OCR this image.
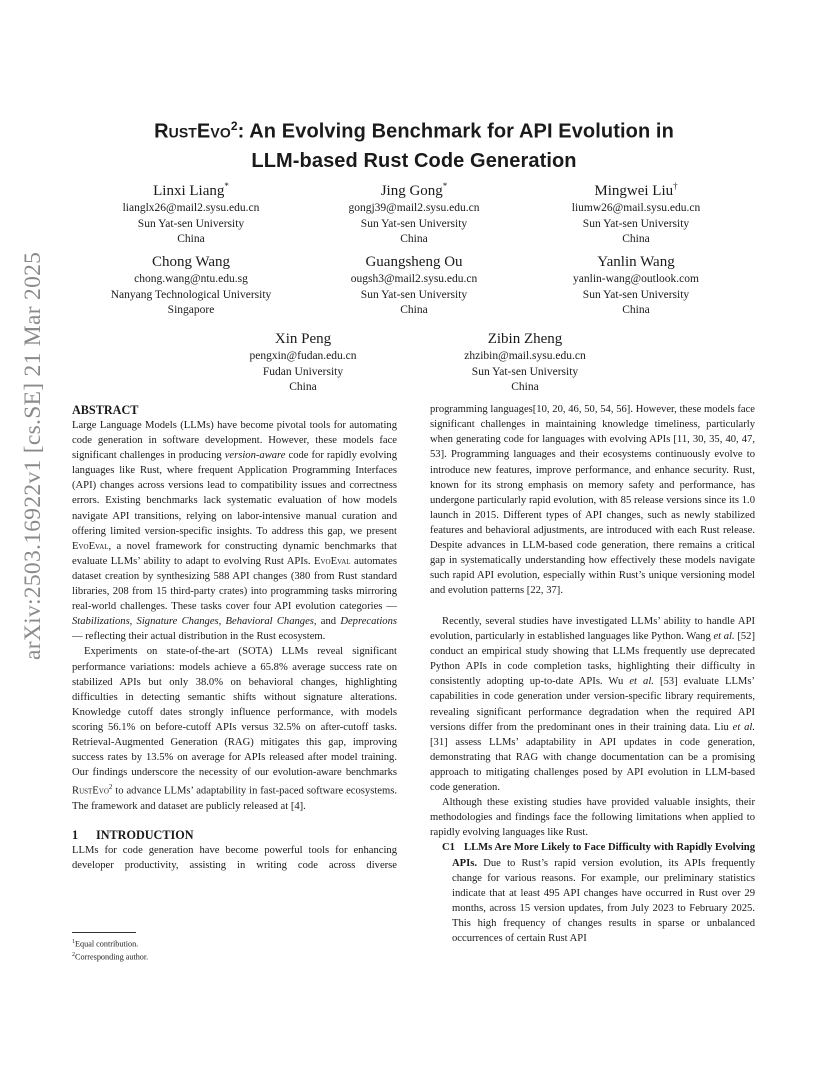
RustEvo$^2$: An Evolving Benchmark for API Evolution in
LLM-based Rust Code Generation
arXiv:2503.16922v1 [cs.SE] 21 Mar 2025
Linxi Liang*
lianglx26@mail2.sysu.edu.cn
Sun Yat-sen University
China
Jing Gong*
gongj39@mail2.sysu.edu.cn
Sun Yat-sen University
China
Mingwei Liu†
liumw26@mail.sysu.edu.cn
Sun Yat-sen University
China
Chong Wang
chong.wang@ntu.edu.sg
Nanyang Technological University
Singapore
Guangsheng Ou
ougsh3@mail2.sysu.edu.cn
Sun Yat-sen University
China
Yanlin Wang
yanlin-wang@outlook.com
Sun Yat-sen University
China
Xin Peng
pengxin@fudan.edu.cn
Fudan University
China
Zibin Zheng
zhzibin@mail.sysu.edu.cn
Sun Yat-sen University
China
ABSTRACT

Large Language Models (LLMs) have become pivotal tools for automating code generation in software development. However, these models face significant challenges in producing version-aware code for rapidly evolving languages like Rust, where frequent Application Programming Interfaces (API) changes across versions lead to compatibility issues and correctness errors. Existing benchmarks lack systematic evaluation of how models navigate API transitions, relying on labor-intensive manual curation and offering limited version-specific insights. To address this gap, we present EvoEval, a novel framework for constructing dynamic benchmarks that evaluate LLMs’ ability to adapt to evolving Rust APIs. EvoEval automates dataset creation by synthesizing 588 API changes (380 from Rust standard libraries, 208 from 15 third-party crates) into programming tasks mirroring real-world challenges. These tasks cover four API evolution categories — Stabilizations, Signature Changes, Behavioral Changes, and Deprecations — reflecting their actual distribution in the Rust ecosystem.

Experiments on state-of-the-art (SOTA) LLMs reveal significant performance variations: models achieve a 65.8% average success rate on stabilized APIs but only 38.0% on behavioral changes, highlighting difficulties in detecting semantic shifts without signature alterations. Knowledge cutoff dates strongly influence performance, with models scoring 56.1% on before-cutoff APIs versus 32.5% on after-cutoff tasks. Retrieval-Augmented Generation (RAG) mitigates this gap, improving success rates by 13.5% on average for APIs released after model training. Our findings underscore the necessity of our evolution-aware benchmarks RustEvo$^2$ to advance LLMs’ adaptability in fast-paced software ecosystems. The framework and dataset are publicly released at [4].

1 INTRODUCTION

LLMs for code generation have become powerful tools for enhancing developer productivity, assisting in writing code across diverse

$^1$Equal contribution.
$^2$Corresponding author.

programming languages[10, 20, 46, 50, 54, 56]. However, these models face significant challenges in maintaining knowledge timeliness, particularly when generating code for languages with evolving APIs [11, 30, 35, 40, 47, 53]. Programming languages and their ecosystems continuously evolve to introduce new features, improve performance, and enhance security. Rust, known for its strong emphasis on memory safety and performance, has undergone particularly rapid evolution, with 85 release versions since its 1.0 launch in 2015. Different types of API changes, such as newly stabilized features and behavioral adjustments, are introduced with each Rust release. Despite advances in LLM-based code generation, there remains a critical gap in systematically understanding how effectively these models navigate such rapid API evolution, especially within Rust’s unique versioning model and evolution patterns [22, 37].

Recently, several studies have investigated LLMs’ ability to handle API evolution, particularly in established languages like Python. Wang et al. [52] conduct an empirical study showing that LLMs frequently use deprecated Python APIs in code completion tasks, highlighting their difficulty in consistently adopting up-to-date APIs. Wu et al. [53] evaluate LLMs’ capabilities in code generation under version-specific library requirements, revealing significant performance degradation when the required API versions differ from the predominant ones in their training data. Liu et al. [31] assess LLMs’ adaptability in API updates in code generation, demonstrating that RAG with change documentation can be a promising approach to mitigating challenges posed by API evolution in LLM-based code generation.

Although these existing studies have provided valuable insights, their methodologies and findings face the following limitations when applied to rapidly evolving languages like Rust.

C1 LLMs Are More Likely to Face Difficulty with Rapidly Evolving APIs. Due to Rust’s rapid version evolution, its APIs frequently change for various reasons. For example, our preliminary statistics indicate that at least 495 API changes have occurred in Rust over 29 months, across 15 version updates, from July 2023 to February 2025. This high frequency of changes results in sparse or unbalanced occurrences of certain Rust API
